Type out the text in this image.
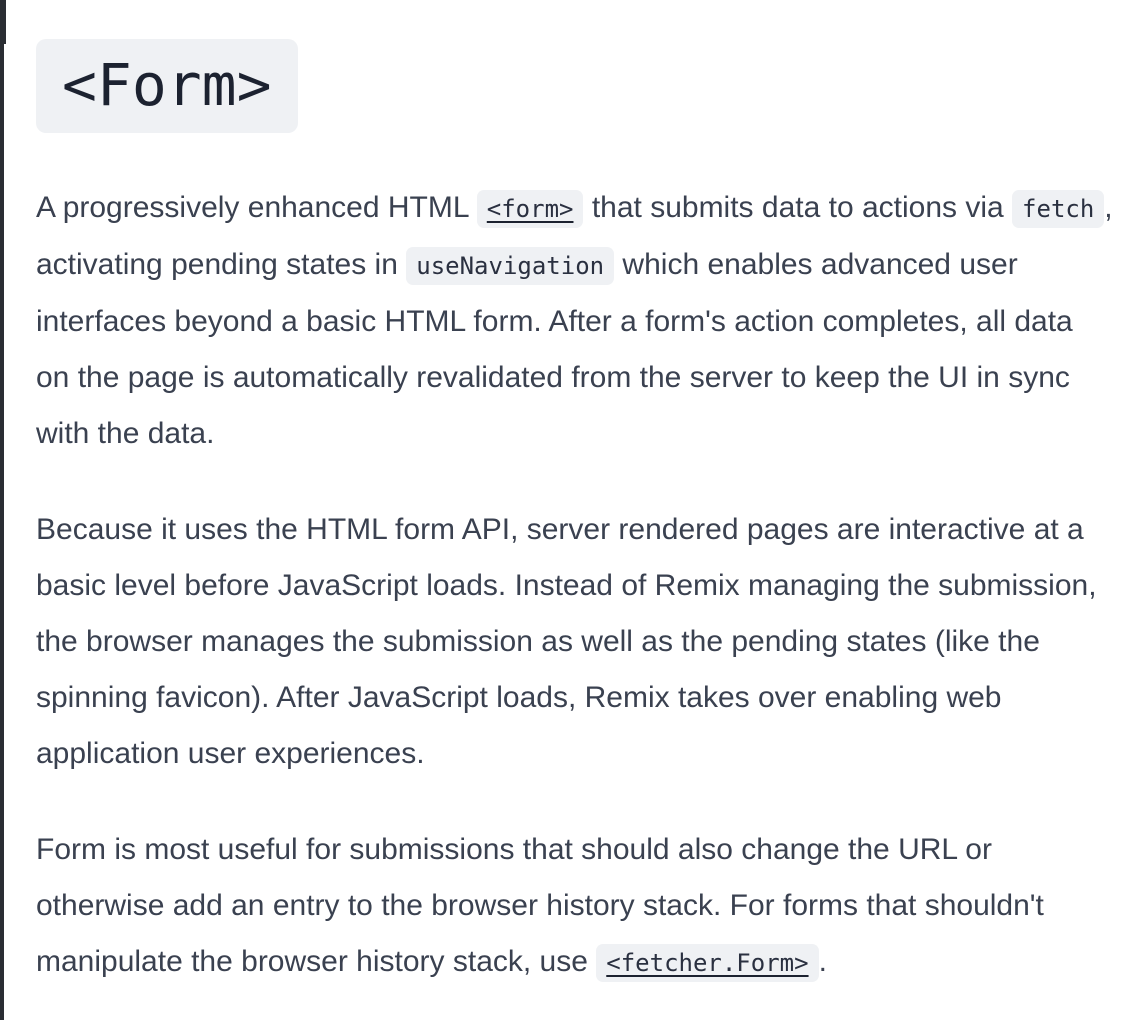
<Form>

A progressively enhanced HTML <form> that submits data to actions via fetch , activating pending states in useNavigation which enables advanced user interfaces beyond a basic HTML form. After a form's action completes, all data on the page is automatically revalidated from the server to keep the UI in sync with the data.

Because it uses the HTML form API, server rendered pages are interactive at a basic level before JavaScript loads. Instead of Remix managing the submission, the browser manages the submission as well as the pending states (like the spinning favicon). After JavaScript loads, Remix takes over enabling web application user experiences.

Form is most useful for submissions that should also change the URL or otherwise add an entry to the browser history stack. For forms that shouldn't manipulate the browser history stack, use <fetcher.Form> .
